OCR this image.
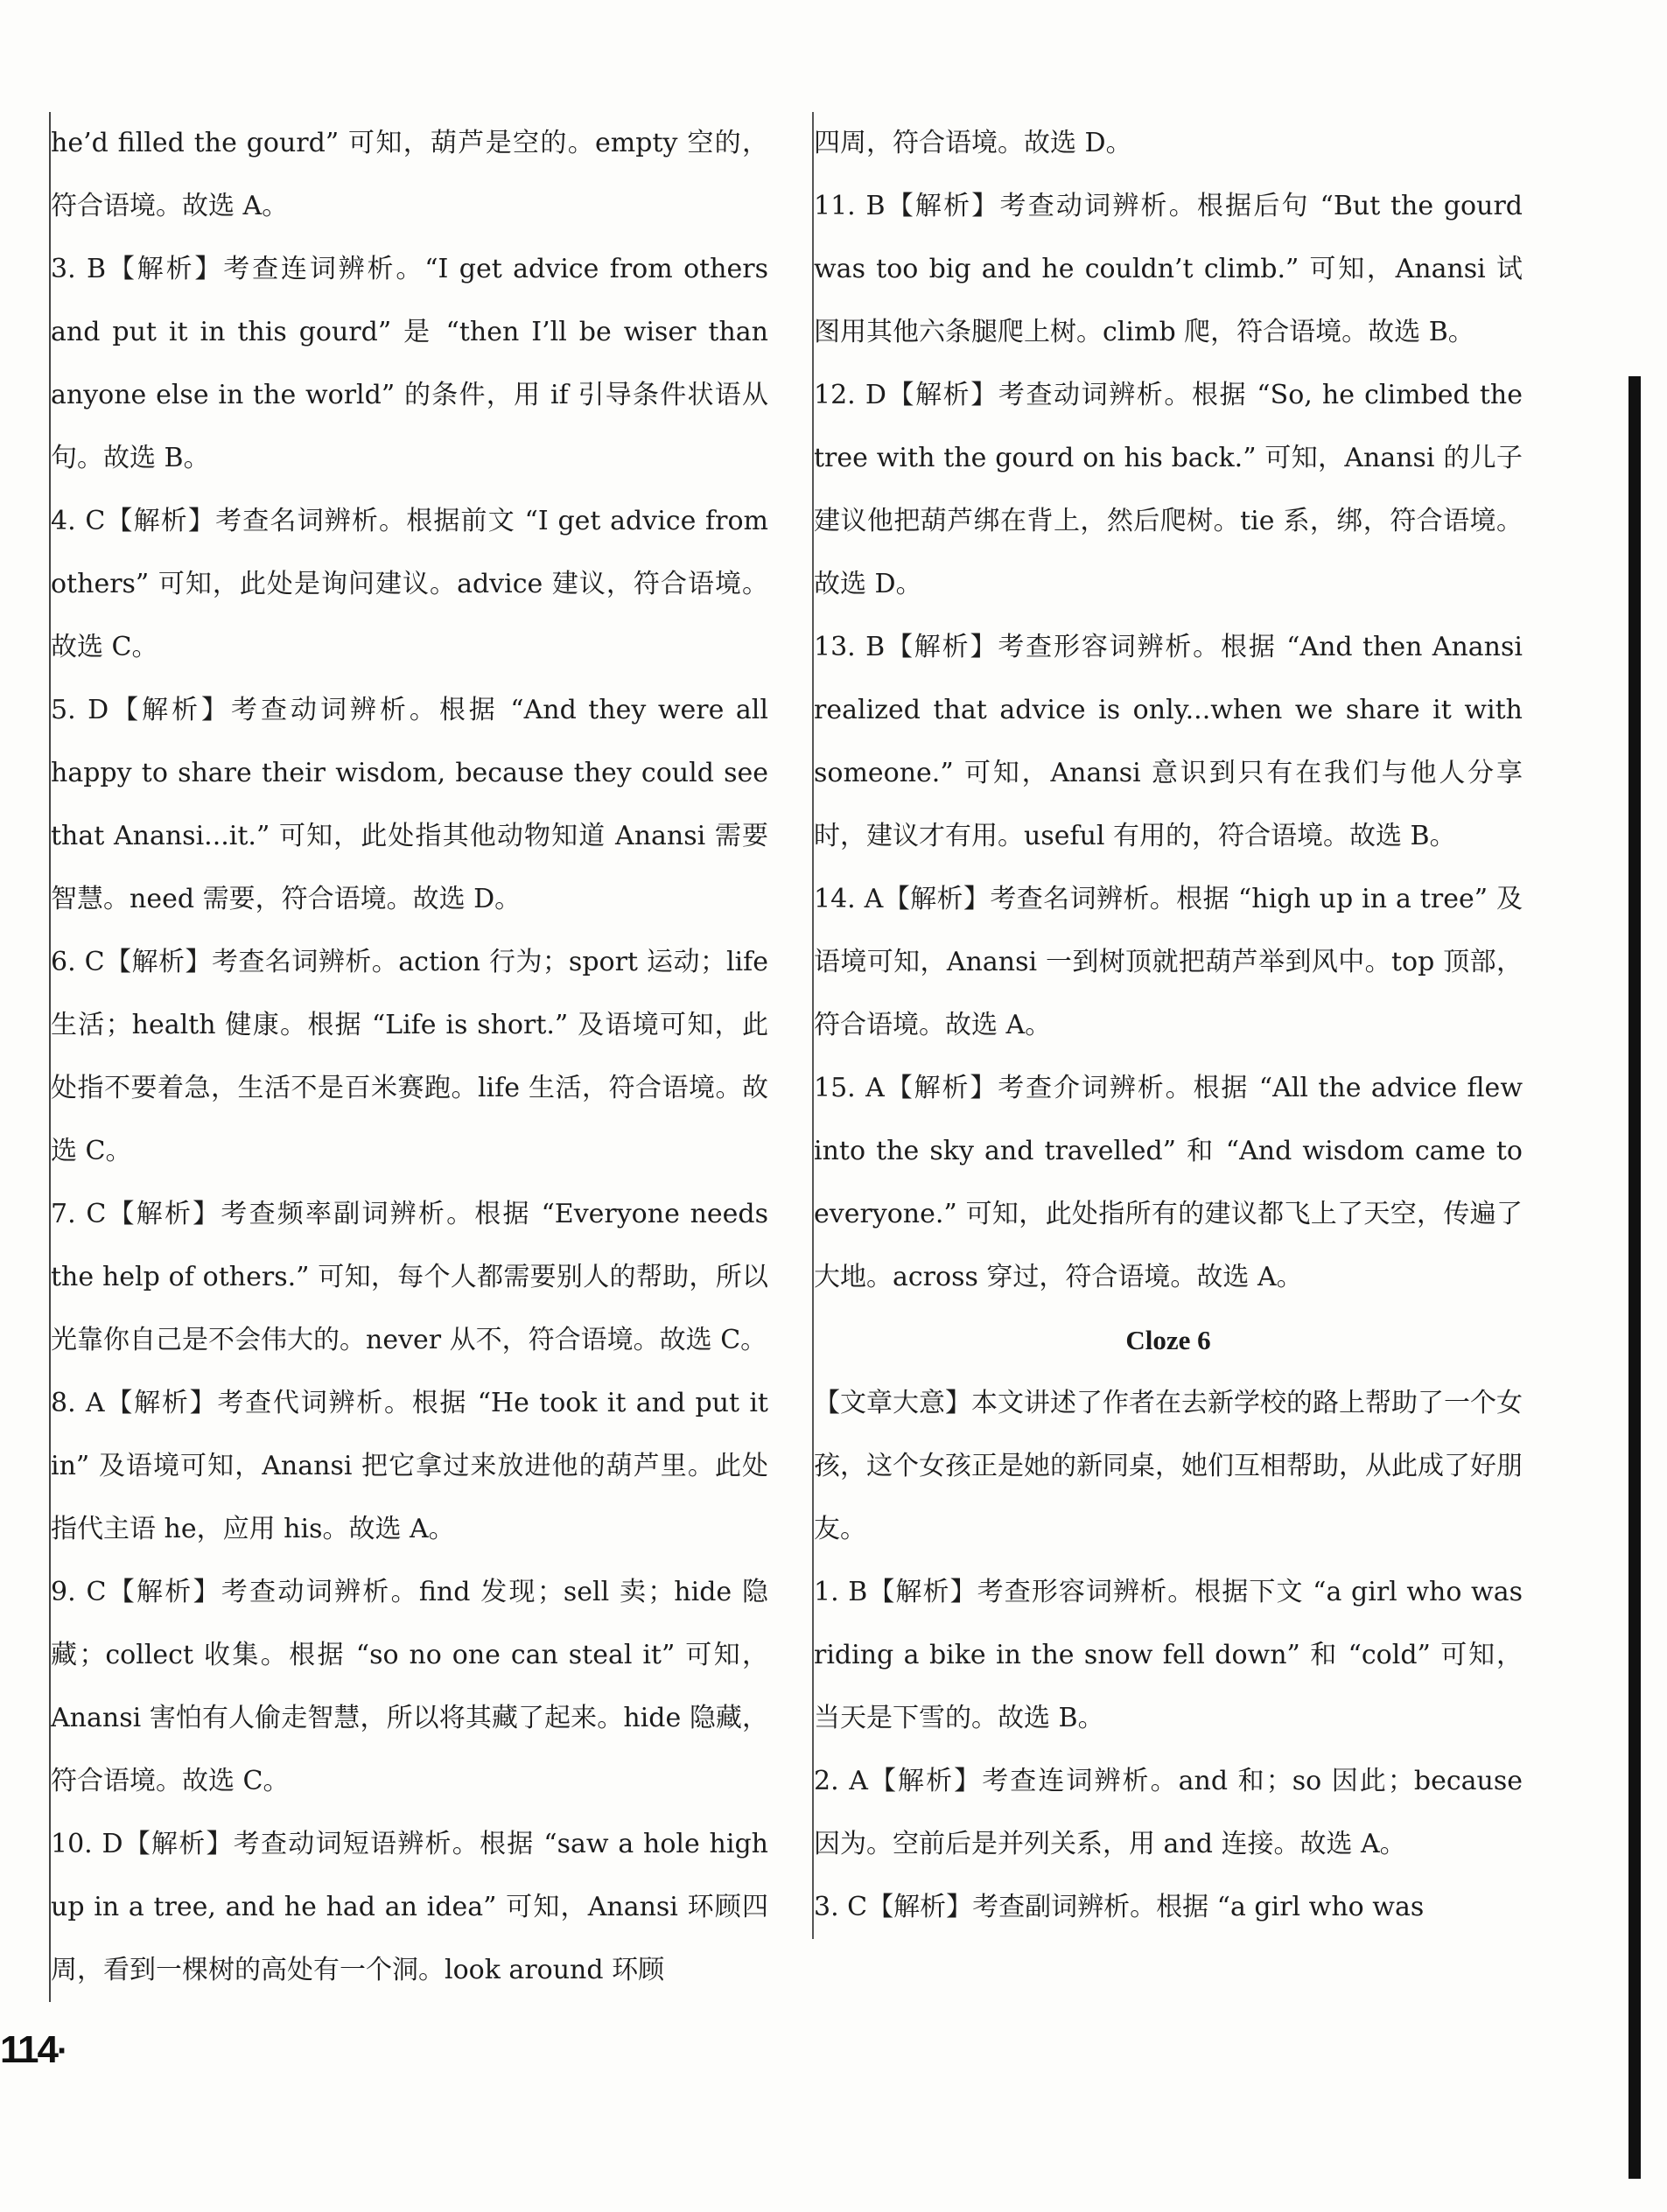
he’d filled the gourd” 可知，葫芦是空的。empty 空的，符合语境。故选 A。

3. B【解析】考查连词辨析。“I get advice from others and put it in this gourd” 是 “then I’ll be wiser than anyone else in the world” 的条件，用 if 引导条件状语从句。故选 B。

4. C【解析】考查名词辨析。根据前文 “I get advice from others” 可知，此处是询问建议。advice 建议，符合语境。故选 C。

5. D【解析】考查动词辨析。根据 “And they were all happy to share their wisdom, because they could see that Anansi...it.” 可知，此处指其他动物知道 Anansi 需要智慧。need 需要，符合语境。故选 D。

6. C【解析】考查名词辨析。action 行为；sport 运动；life 生活；health 健康。根据 “Life is short.” 及语境可知，此处指不要着急，生活不是百米赛跑。life 生活，符合语境。故选 C。

7. C【解析】考查频率副词辨析。根据 “Everyone needs the help of others.” 可知，每个人都需要别人的帮助，所以光靠你自己是不会伟大的。never 从不，符合语境。故选 C。

8. A【解析】考查代词辨析。根据 “He took it and put it in” 及语境可知，Anansi 把它拿过来放进他的葫芦里。此处指代主语 he，应用 his。故选 A。

9. C【解析】考查动词辨析。find 发现；sell 卖；hide 隐藏；collect 收集。根据 “so no one can steal it” 可知，Anansi 害怕有人偷走智慧，所以将其藏了起来。hide 隐藏，符合语境。故选 C。

10. D【解析】考查动词短语辨析。根据 “saw a hole high up in a tree, and he had an idea” 可知，Anansi 环顾四周，看到一棵树的高处有一个洞。look around 环顾

四周，符合语境。故选 D。

11. B【解析】考查动词辨析。根据后句 “But the gourd was too big and he couldn’t climb.” 可知，Anansi 试图用其他六条腿爬上树。climb 爬，符合语境。故选 B。

12. D【解析】考查动词辨析。根据 “So, he climbed the tree with the gourd on his back.” 可知，Anansi 的儿子建议他把葫芦绑在背上，然后爬树。tie 系，绑，符合语境。故选 D。

13. B【解析】考查形容词辨析。根据 “And then Anansi realized that advice is only...when we share it with someone.” 可知，Anansi 意识到只有在我们与他人分享时，建议才有用。useful 有用的，符合语境。故选 B。

14. A【解析】考查名词辨析。根据 “high up in a tree” 及语境可知，Anansi 一到树顶就把葫芦举到风中。top 顶部，符合语境。故选 A。

15. A【解析】考查介词辨析。根据 “All the advice flew into the sky and travelled” 和 “And wisdom came to everyone.” 可知，此处指所有的建议都飞上了天空，传遍了大地。across 穿过，符合语境。故选 A。

Cloze 6

【文章大意】本文讲述了作者在去新学校的路上帮助了一个女孩，这个女孩正是她的新同桌，她们互相帮助，从此成了好朋友。

1. B【解析】考查形容词辨析。根据下文 “a girl who was riding a bike in the snow fell down” 和 “cold” 可知，当天是下雪的。故选 B。

2. A【解析】考查连词辨析。and 和；so 因此；because 因为。空前后是并列关系，用 and 连接。故选 A。

3. C【解析】考查副词辨析。根据 “a girl who was

114·
